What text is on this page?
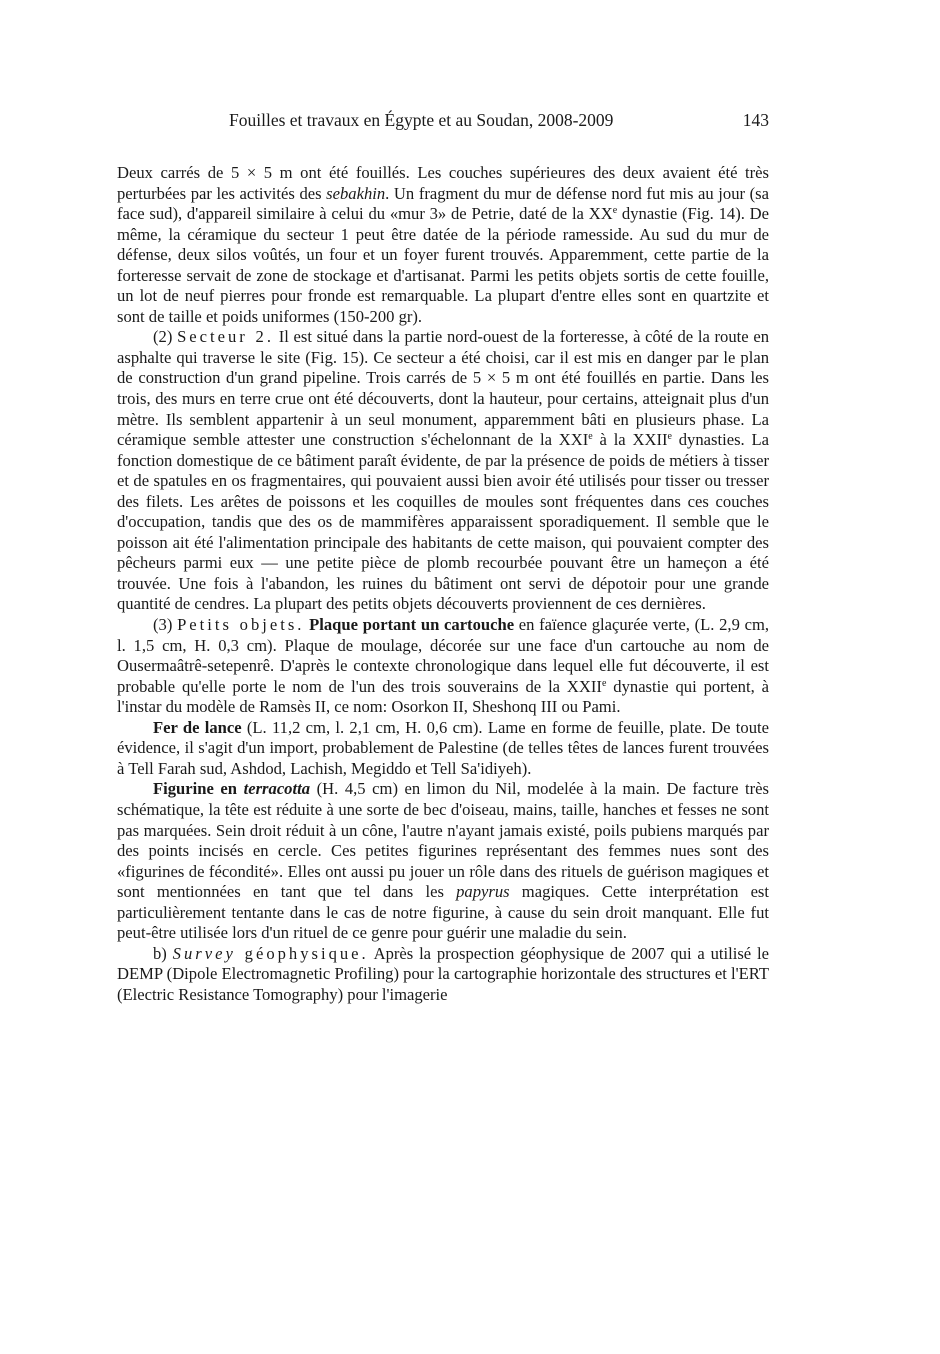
Fouilles et travaux en Égypte et au Soudan, 2008-2009	143

Deux carrés de 5 × 5 m ont été fouillés. Les couches supérieures des deux avaient été très perturbées par les activités des sebakhin. Un fragment du mur de défense nord fut mis au jour (sa face sud), d'appareil similaire à celui du «mur 3» de Petrie, daté de la XXe dynastie (Fig. 14). De même, la céramique du secteur 1 peut être datée de la période ramesside. Au sud du mur de défense, deux silos voûtés, un four et un foyer furent trouvés. Apparemment, cette partie de la forteresse servait de zone de stockage et d'artisanat. Parmi les petits objets sortis de cette fouille, un lot de neuf pierres pour fronde est remarquable. La plupart d'entre elles sont en quartzite et sont de taille et poids uniformes (150-200 gr).

(2) Secteur 2. Il est situé dans la partie nord-ouest de la forteresse, à côté de la route en asphalte qui traverse le site (Fig. 15). Ce secteur a été choisi, car il est mis en danger par le plan de construction d'un grand pipeline. Trois carrés de 5 × 5 m ont été fouillés en partie. Dans les trois, des murs en terre crue ont été découverts, dont la hauteur, pour certains, atteignait plus d'un mètre. Ils semblent appartenir à un seul monument, apparemment bâti en plusieurs phase. La céramique semble attester une construction s'échelonnant de la XXIe à la XXIIe dynasties. La fonction domestique de ce bâtiment paraît évidente, de par la présence de poids de métiers à tisser et de spatules en os fragmentaires, qui pouvaient aussi bien avoir été utilisés pour tisser ou tresser des filets. Les arêtes de poissons et les coquilles de moules sont fréquentes dans ces couches d'occupation, tandis que des os de mammifères apparaissent sporadiquement. Il semble que le poisson ait été l'alimentation principale des habitants de cette maison, qui pouvaient compter des pêcheurs parmi eux — une petite pièce de plomb recourbée pouvant être un hameçon a été trouvée. Une fois à l'abandon, les ruines du bâtiment ont servi de dépotoir pour une grande quantité de cendres. La plupart des petits objets découverts proviennent de ces dernières.

(3) Petits objets. Plaque portant un cartouche en faïence glaçurée verte, (L. 2,9 cm, l. 1,5 cm, H. 0,3 cm). Plaque de moulage, décorée sur une face d'un cartouche au nom de Ousermaâtrê-setepenrê. D'après le contexte chronologique dans lequel elle fut découverte, il est probable qu'elle porte le nom de l'un des trois souverains de la XXIIe dynastie qui portent, à l'instar du modèle de Ramsès II, ce nom: Osorkon II, Sheshonq III ou Pami.

Fer de lance (L. 11,2 cm, l. 2,1 cm, H. 0,6 cm). Lame en forme de feuille, plate. De toute évidence, il s'agit d'un import, probablement de Palestine (de telles têtes de lances furent trouvées à Tell Farah sud, Ashdod, Lachish, Megiddo et Tell Sa'idiyeh).

Figurine en terracotta (H. 4,5 cm) en limon du Nil, modelée à la main. De facture très schématique, la tête est réduite à une sorte de bec d'oiseau, mains, taille, hanches et fesses ne sont pas marquées. Sein droit réduit à un cône, l'autre n'ayant jamais existé, poils pubiens marqués par des points incisés en cercle. Ces petites figurines représentant des femmes nues sont des «figurines de fécondité». Elles ont aussi pu jouer un rôle dans des rituels de guérison magiques et sont mentionnées en tant que tel dans les papyrus magiques. Cette interprétation est particulièrement tentante dans le cas de notre figurine, à cause du sein droit manquant. Elle fut peut-être utilisée lors d'un rituel de ce genre pour guérir une maladie du sein.

b) Survey géophysique. Après la prospection géophysique de 2007 qui a utilisé le DEMP (Dipole Electromagnetic Profiling) pour la cartographie horizontale des structures et l'ERT (Electric Resistance Tomography) pour l'imagerie
